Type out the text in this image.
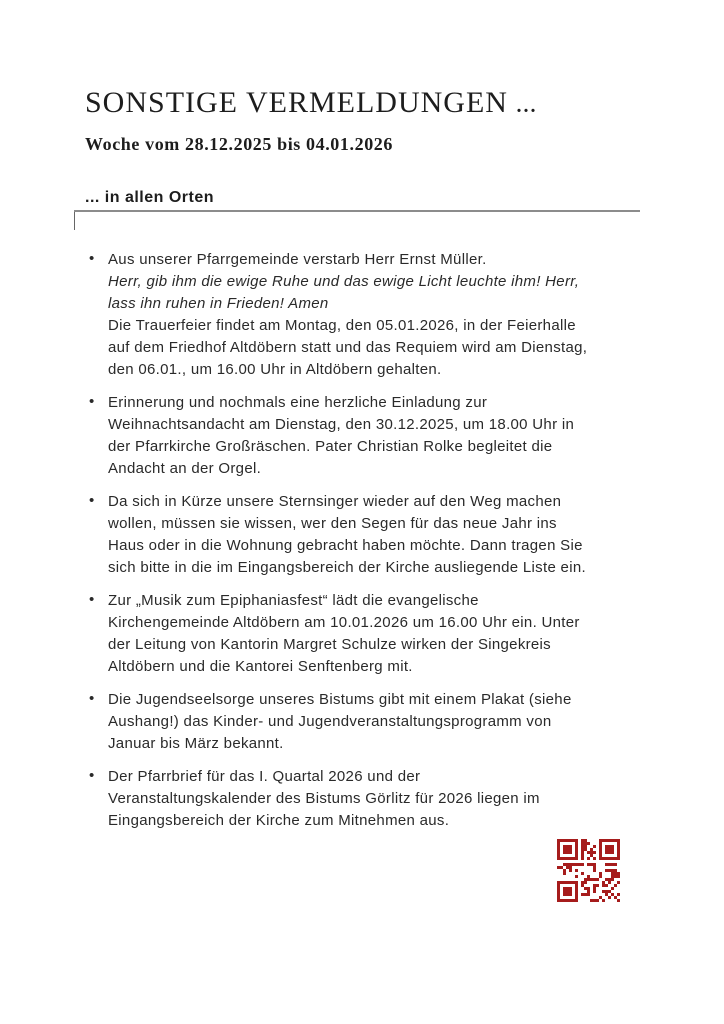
SONSTIGE VERMELDUNGEN ...
Woche vom 28.12.2025 bis 04.01.2026
... in allen Orten
• Aus unserer Pfarrgemeinde verstarb Herr Ernst Müller.
Herr, gib ihm die ewige Ruhe und das ewige Licht leuchte ihm! Herr,
lass ihn ruhen in Frieden! Amen
Die Trauerfeier findet am Montag, den 05.01.2026, in der Feierhalle
auf dem Friedhof Altdöbern statt und das Requiem wird am Dienstag,
den 06.01., um 16.00 Uhr in Altdöbern gehalten.
• Erinnerung und nochmals eine herzliche Einladung zur
Weihnachtsandacht am Dienstag, den 30.12.2025, um 18.00 Uhr in
der Pfarrkirche Großräschen. Pater Christian Rolke begleitet die
Andacht an der Orgel.
• Da sich in Kürze unsere Sternsinger wieder auf den Weg machen
wollen, müssen sie wissen, wer den Segen für das neue Jahr ins
Haus oder in die Wohnung gebracht haben möchte. Dann tragen Sie
sich bitte in die im Eingangsbereich der Kirche ausliegende Liste ein.
• Zur „Musik zum Epiphaniasfest“ lädt die evangelische
Kirchengemeinde Altdöbern am 10.01.2026 um 16.00 Uhr ein. Unter
der Leitung von Kantorin Margret Schulze wirken der Singekreis
Altdöbern und die Kantorei Senftenberg mit.
• Die Jugendseelsorge unseres Bistums gibt mit einem Plakat (siehe
Aushang!) das Kinder- und Jugendveranstaltungsprogramm von
Januar bis März bekannt.
• Der Pfarrbrief für das I. Quartal 2026 und der
Veranstaltungskalender des Bistums Görlitz für 2026 liegen im
Eingangsbereich der Kirche zum Mitnehmen aus.
